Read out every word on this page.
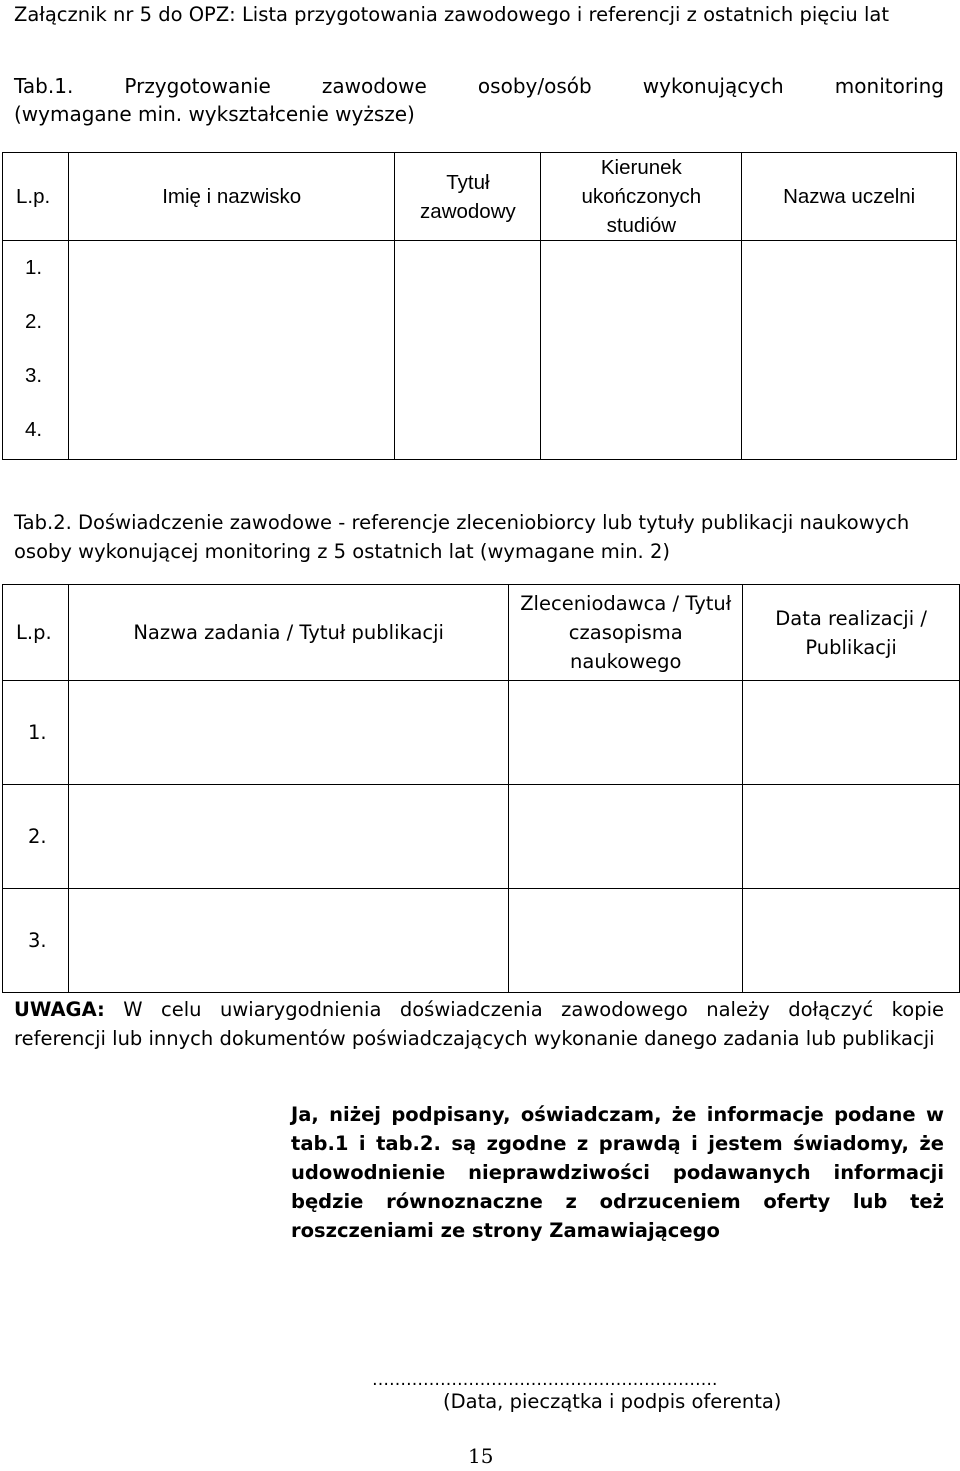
Załącznik nr 5 do OPZ: Lista przygotowania zawodowego i referencji z ostatnich pięciu lat
Tab.1. Przygotowanie zawodowe osoby/osób wykonujących monitoring
(wymagane min. wykształcenie wyższe)
L.p.	Imię i nazwisko	Tytuł zawodowy	Kierunek ukończonych studiów	Nazwa uczelni

1.
2.
3.
4.				

Tab.2. Doświadczenie zawodowe - referencje zleceniobiorcy lub tytuły publikacji naukowych osoby wykonującej monitoring z 5 ostatnich lat (wymagane min. 2)
L.p.	Nazwa zadania / Tytuł publikacji	Zleceniodawca / Tytuł czasopisma naukowego	Data realizacji / Publikacji
1.			
2.			
3.			
UWAGA: W celu uwiarygodnienia doświadczenia zawodowego należy dołączyć kopie referencji lub innych dokumentów poświadczających wykonanie danego zadania lub publikacji
Ja, niżej podpisany, oświadczam, że informacje podane w tab.1 i tab.2. są zgodne z prawdą i jestem świadomy, że udowodnienie nieprawdziwości podawanych informacji będzie równoznaczne z odrzuceniem oferty lub też roszczeniami ze strony Zamawiającego
…………………………………………………….
(Data, pieczątka i podpis oferenta)
15
